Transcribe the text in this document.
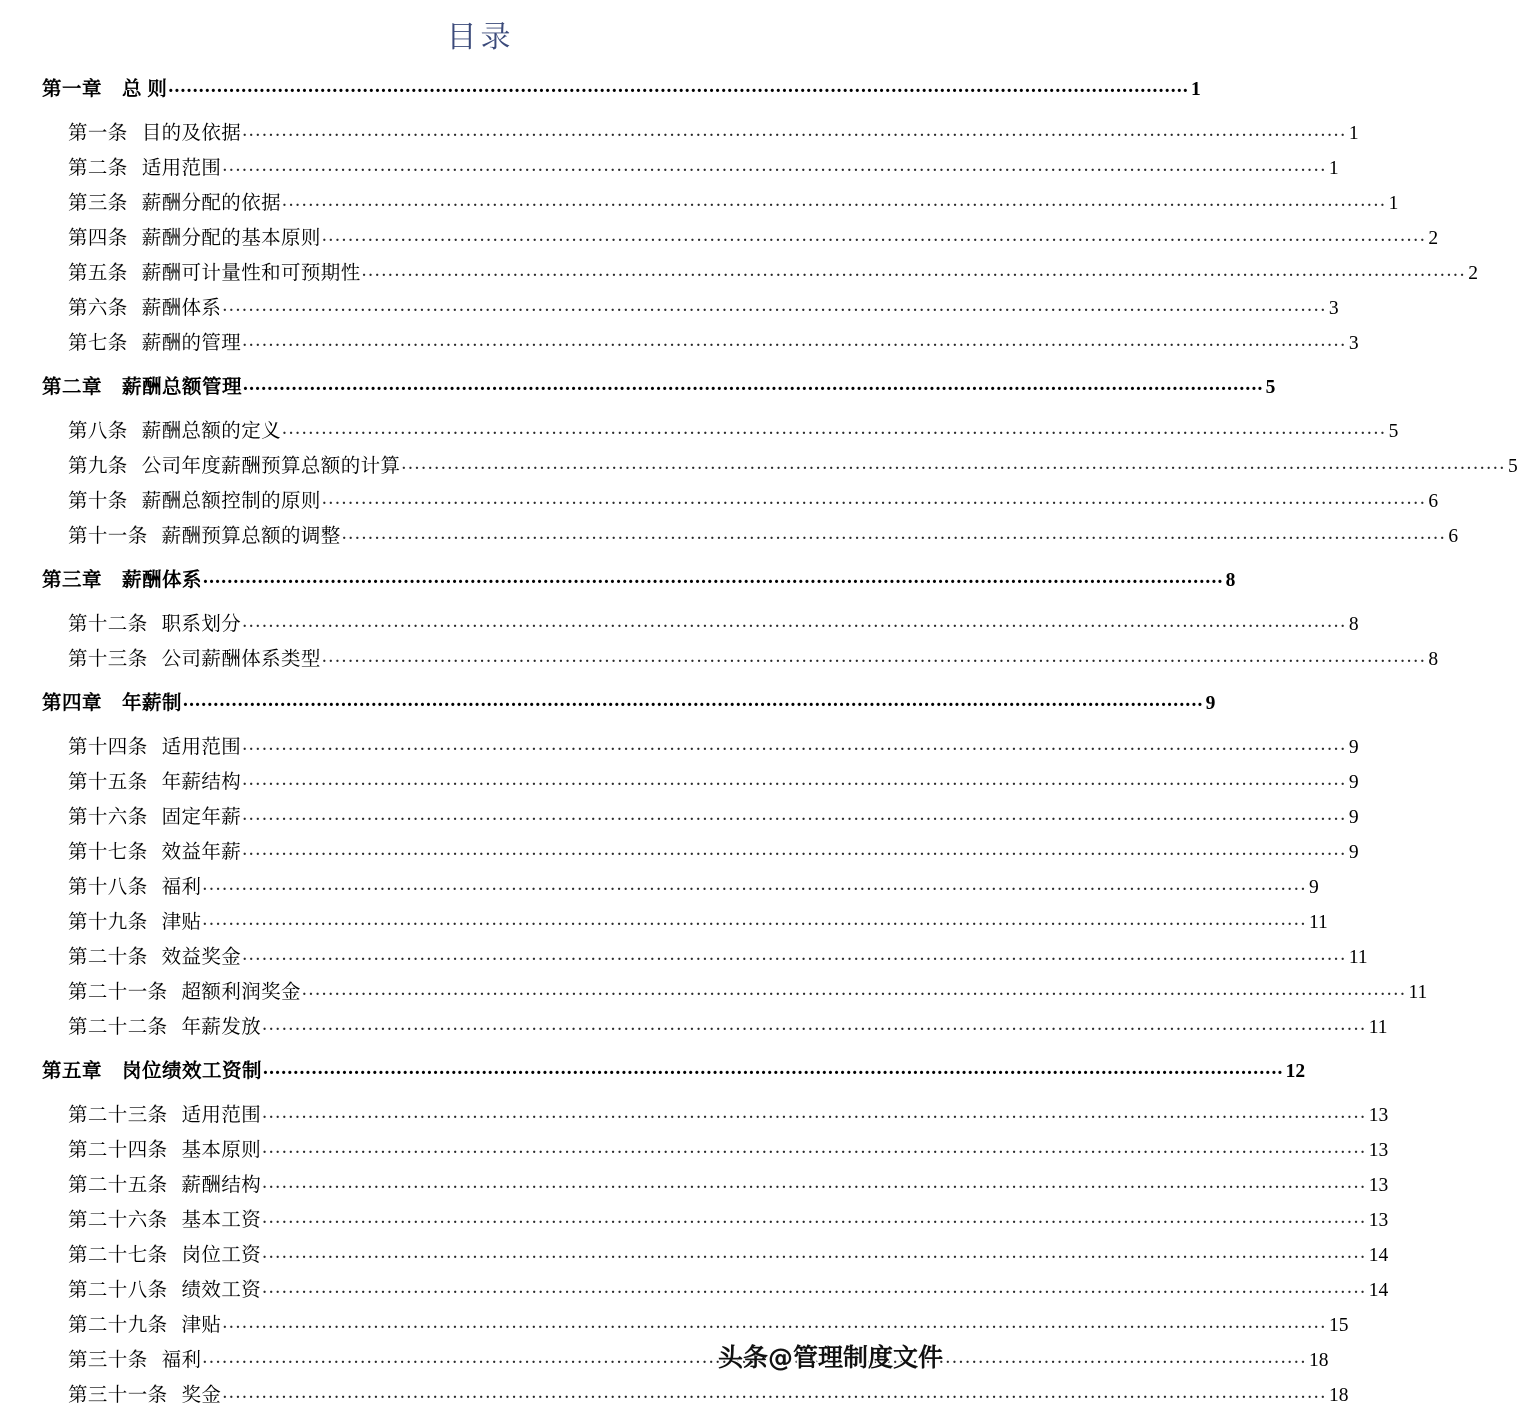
目录
第一章 总 则 .....	1
第一条 目的及依据 .....	1
第二条 适用范围 .....	1
第三条 薪酬分配的依据 .....	1
第四条 薪酬分配的基本原则 .....	2
第五条 薪酬可计量性和可预期性 .....	2
第六条 薪酬体系 .....	3
第七条 薪酬的管理 .....	3
第二章 薪酬总额管理 .....	5
第八条 薪酬总额的定义 .....	5
第九条 公司年度薪酬预算总额的计算 .....	5
第十条 薪酬总额控制的原则 .....	6
第十一条 薪酬预算总额的调整 .....	6
第三章 薪酬体系 .....	8
第十二条 职系划分 .....	8
第十三条 公司薪酬体系类型 .....	8
第四章 年薪制 .....	9
第十四条 适用范围 .....	9
第十五条 年薪结构 .....	9
第十六条 固定年薪 .....	9
第十七条 效益年薪 .....	9
第十八条 福利 .....	9
第十九条 津贴 .....	11
第二十条 效益奖金 .....	11
第二十一条 超额利润奖金 .....	11
第二十二条 年薪发放 .....	11
第五章 岗位绩效工资制 .....	12
第二十三条 适用范围 .....	13
第二十四条 基本原则 .....	13
第二十五条 薪酬结构 .....	13
第二十六条 基本工资 .....	13
第二十七条 岗位工资 .....	14
第二十八条 绩效工资 .....	14
第二十九条 津贴 .....	15
第三十条 福利 .....	18
第三十一条 奖金 .....	18
头条@管理制度文件
